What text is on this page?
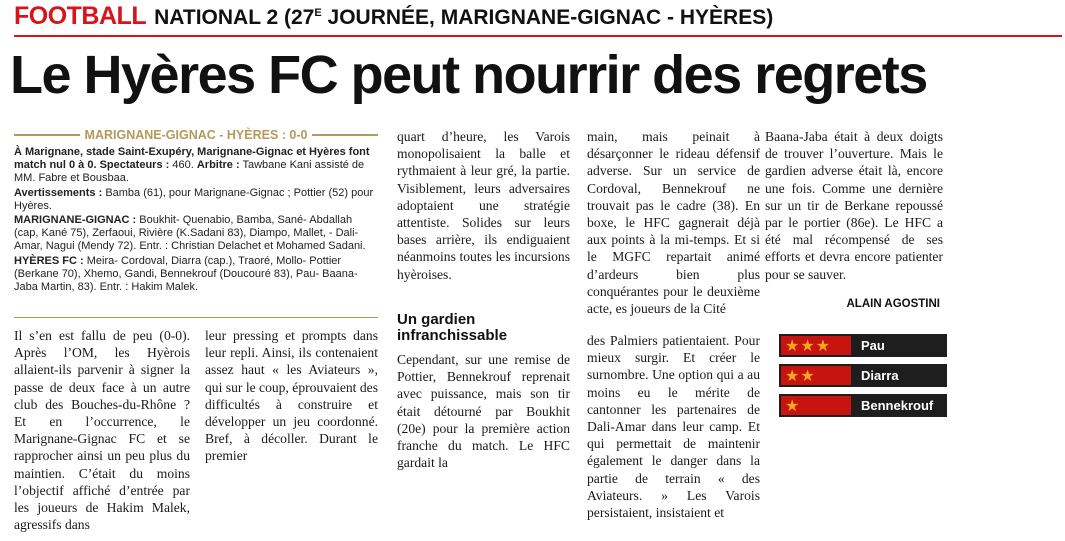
FOOTBALL NATIONAL 2 ($27^E$ JOURNÉE, MARIGNANE-GIGNAC - HYÈRES)
Le Hyères FC peut nourrir des regrets
MARIGNANE-GIGNAC - HYÈRES : 0-0

À Marignane, stade Saint-Exupéry, Marignane-Gignac et Hyères font match nul 0 à 0. Spectateurs : 460. Arbitre : Tawbane Kani assisté de MM. Fabre et Bousbaa.

Avertissements : Bamba (61), pour Marignane-Gignac ; Pottier (52) pour Hyères.

MARIGNANE-GIGNAC : Boukhit- Quenabio, Bamba, Sané- Abdallah (cap, Kané 75), Zerfaoui, Rivière (K.Sadani 83), Diampo, Mallet, - Dali-Amar, Nagui (Mendy 72). Entr. : Christian Delachet et Mohamed Sadani.

HYÈRES FC : Meira- Cordoval, Diarra (cap.), Traoré, Mollo- Pottier (Berkane 70), Xhemo, Gandi, Bennekrouf (Doucouré 83), Pau- Baana-Jaba Martin, 83). Entr. : Hakim Malek.

Il s’en est fallu de peu (0-0). Après l’OM, les Hyèrois allaient-ils parvenir à signer la passe de deux face à un autre club des Bouches-du-Rhône ? Et en l’occurrence, le Marignane-Gignac FC et se rapprocher ainsi un peu plus du maintien. C’était du moins l’objectif affiché d’entrée par les joueurs de Hakim Malek, agressifs dans

leur pressing et prompts dans leur repli. Ainsi, ils contenaient assez haut « les Aviateurs », qui sur le coup, éprouvaient des difficultés à construire et développer un jeu coordonné. Bref, à décoller. Durant le premier

quart d’heure, les Varois monopolisaient la balle et rythmaient à leur gré, la partie. Visiblement, leurs adversaires adoptaient une stratégie attentiste. Solides sur leurs bases arrière, ils endiguaient néanmoins toutes les incursions hyèroises.

Un gardien infranchissable

Cependant, sur une remise de Pottier, Bennekrouf reprenait avec puissance, mais son tir était détourné par Boukhit (20e) pour la première action franche du match. Le HFC gardait la

main, mais peinait à désarçonner le rideau défensif adverse. Sur un service de Cordoval, Bennekrouf ne trouvait pas le cadre (38). En boxe, le HFC gagnerait déjà aux points à la mi-temps. Et si le MGFC repartait animé d’ardeurs bien plus conquérantes pour le deuxième acte, es joueurs de la Cité

des Palmiers patientaient. Pour mieux surgir. Et créer le surnombre. Une option qui a au moins eu le mérite de cantonner les partenaires de Dali-Amar dans leur camp. Et qui permettait de maintenir également le danger dans la partie de terrain « des Aviateurs. » Les Varois persistaient, insistaient et

Baana-Jaba était à deux doigts de trouver l’ouverture. Mais le gardien adverse était là, encore une fois. Comme une dernière sur un tir de Berkane repoussé par le portier (86e). Le HFC a été mal récompensé de ses efforts et devra encore patienter pour se sauver.

ALAIN AGOSTINI
★ ★ ★ Pau
★ ★	Diarra
★	Bennekrouf
